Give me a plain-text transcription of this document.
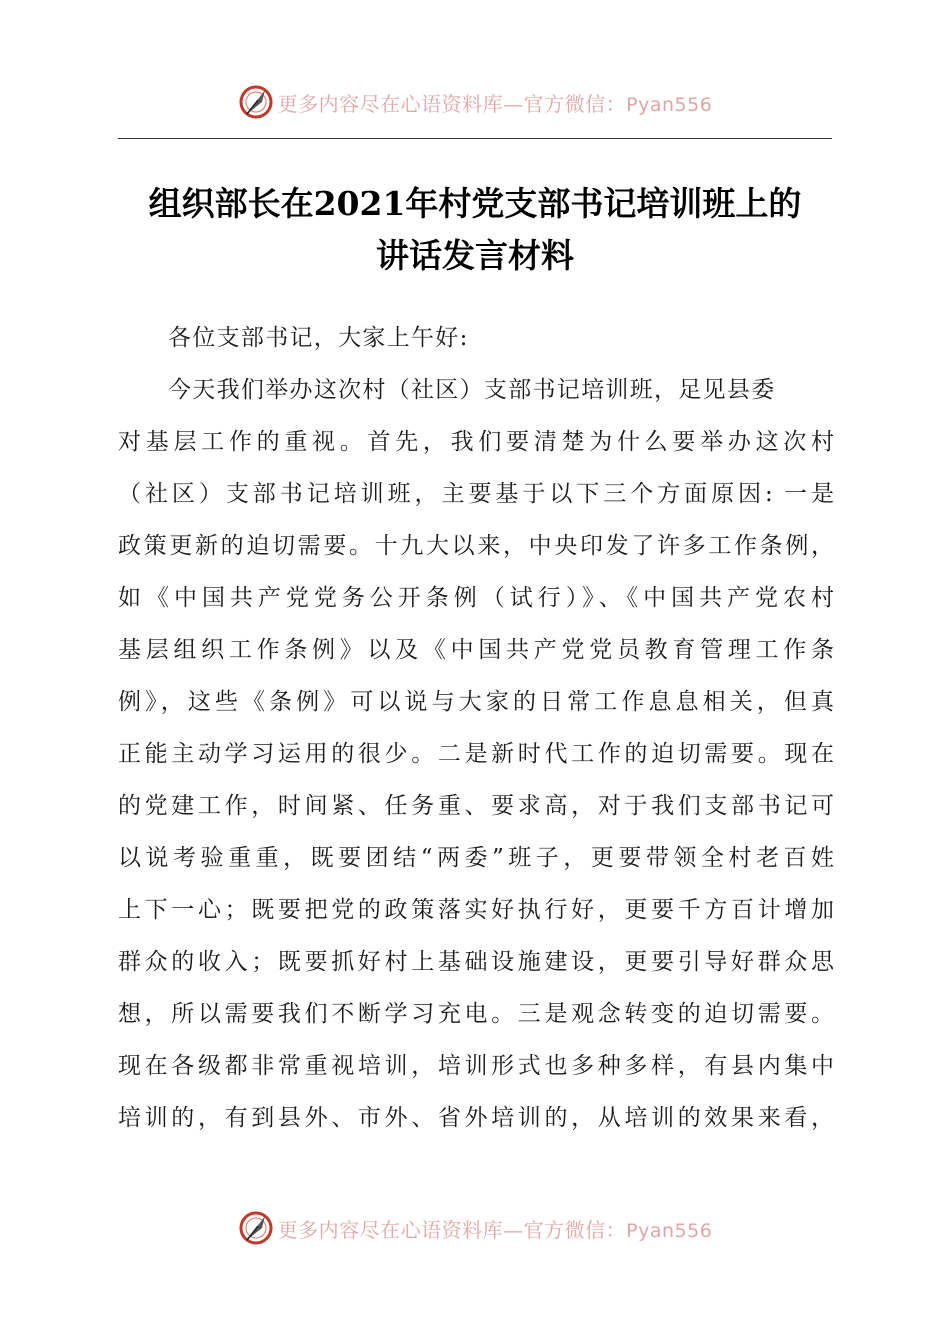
更多内容尽在心语资料库—官方微信：Pyan556
组织部长在2021年村党支部书记培训班上的
讲话发言材料
各位支部书记，大家上午好:
今天我们举办这次村（社区）支部书记培训班，足见县委
对基层工作的重视。首先，我们要清楚为什么要举办这次村
（社区）支部书记培训班，主要基于以下三个方面原因: 一是
政策更新的迫切需要。十九大以来，中央印发了许多工作条例，
如《中国共产党党务公开条例（试行）》、《中国共产党农村
基层组织工作条例》以及《中国共产党党员教育管理工作条
例》，这些《条例》可以说与大家的日常工作息息相关，但真
正能主动学习运用的很少。二是新时代工作的迫切需要。现在
的党建工作，时间紧、任务重、要求高，对于我们支部书记可
以说考验重重，既要团结“两委”班子，更要带领全村老百姓
上下一心；既要把党的政策落实好执行好，更要千方百计增加
群众的收入；既要抓好村上基础设施建设，更要引导好群众思
想，所以需要我们不断学习充电。三是观念转变的迫切需要。
现在各级都非常重视培训，培训形式也多种多样，有县内集中
培训的，有到县外、市外、省外培训的，从培训的效果来看，
更多内容尽在心语资料库—官方微信：Pyan556
